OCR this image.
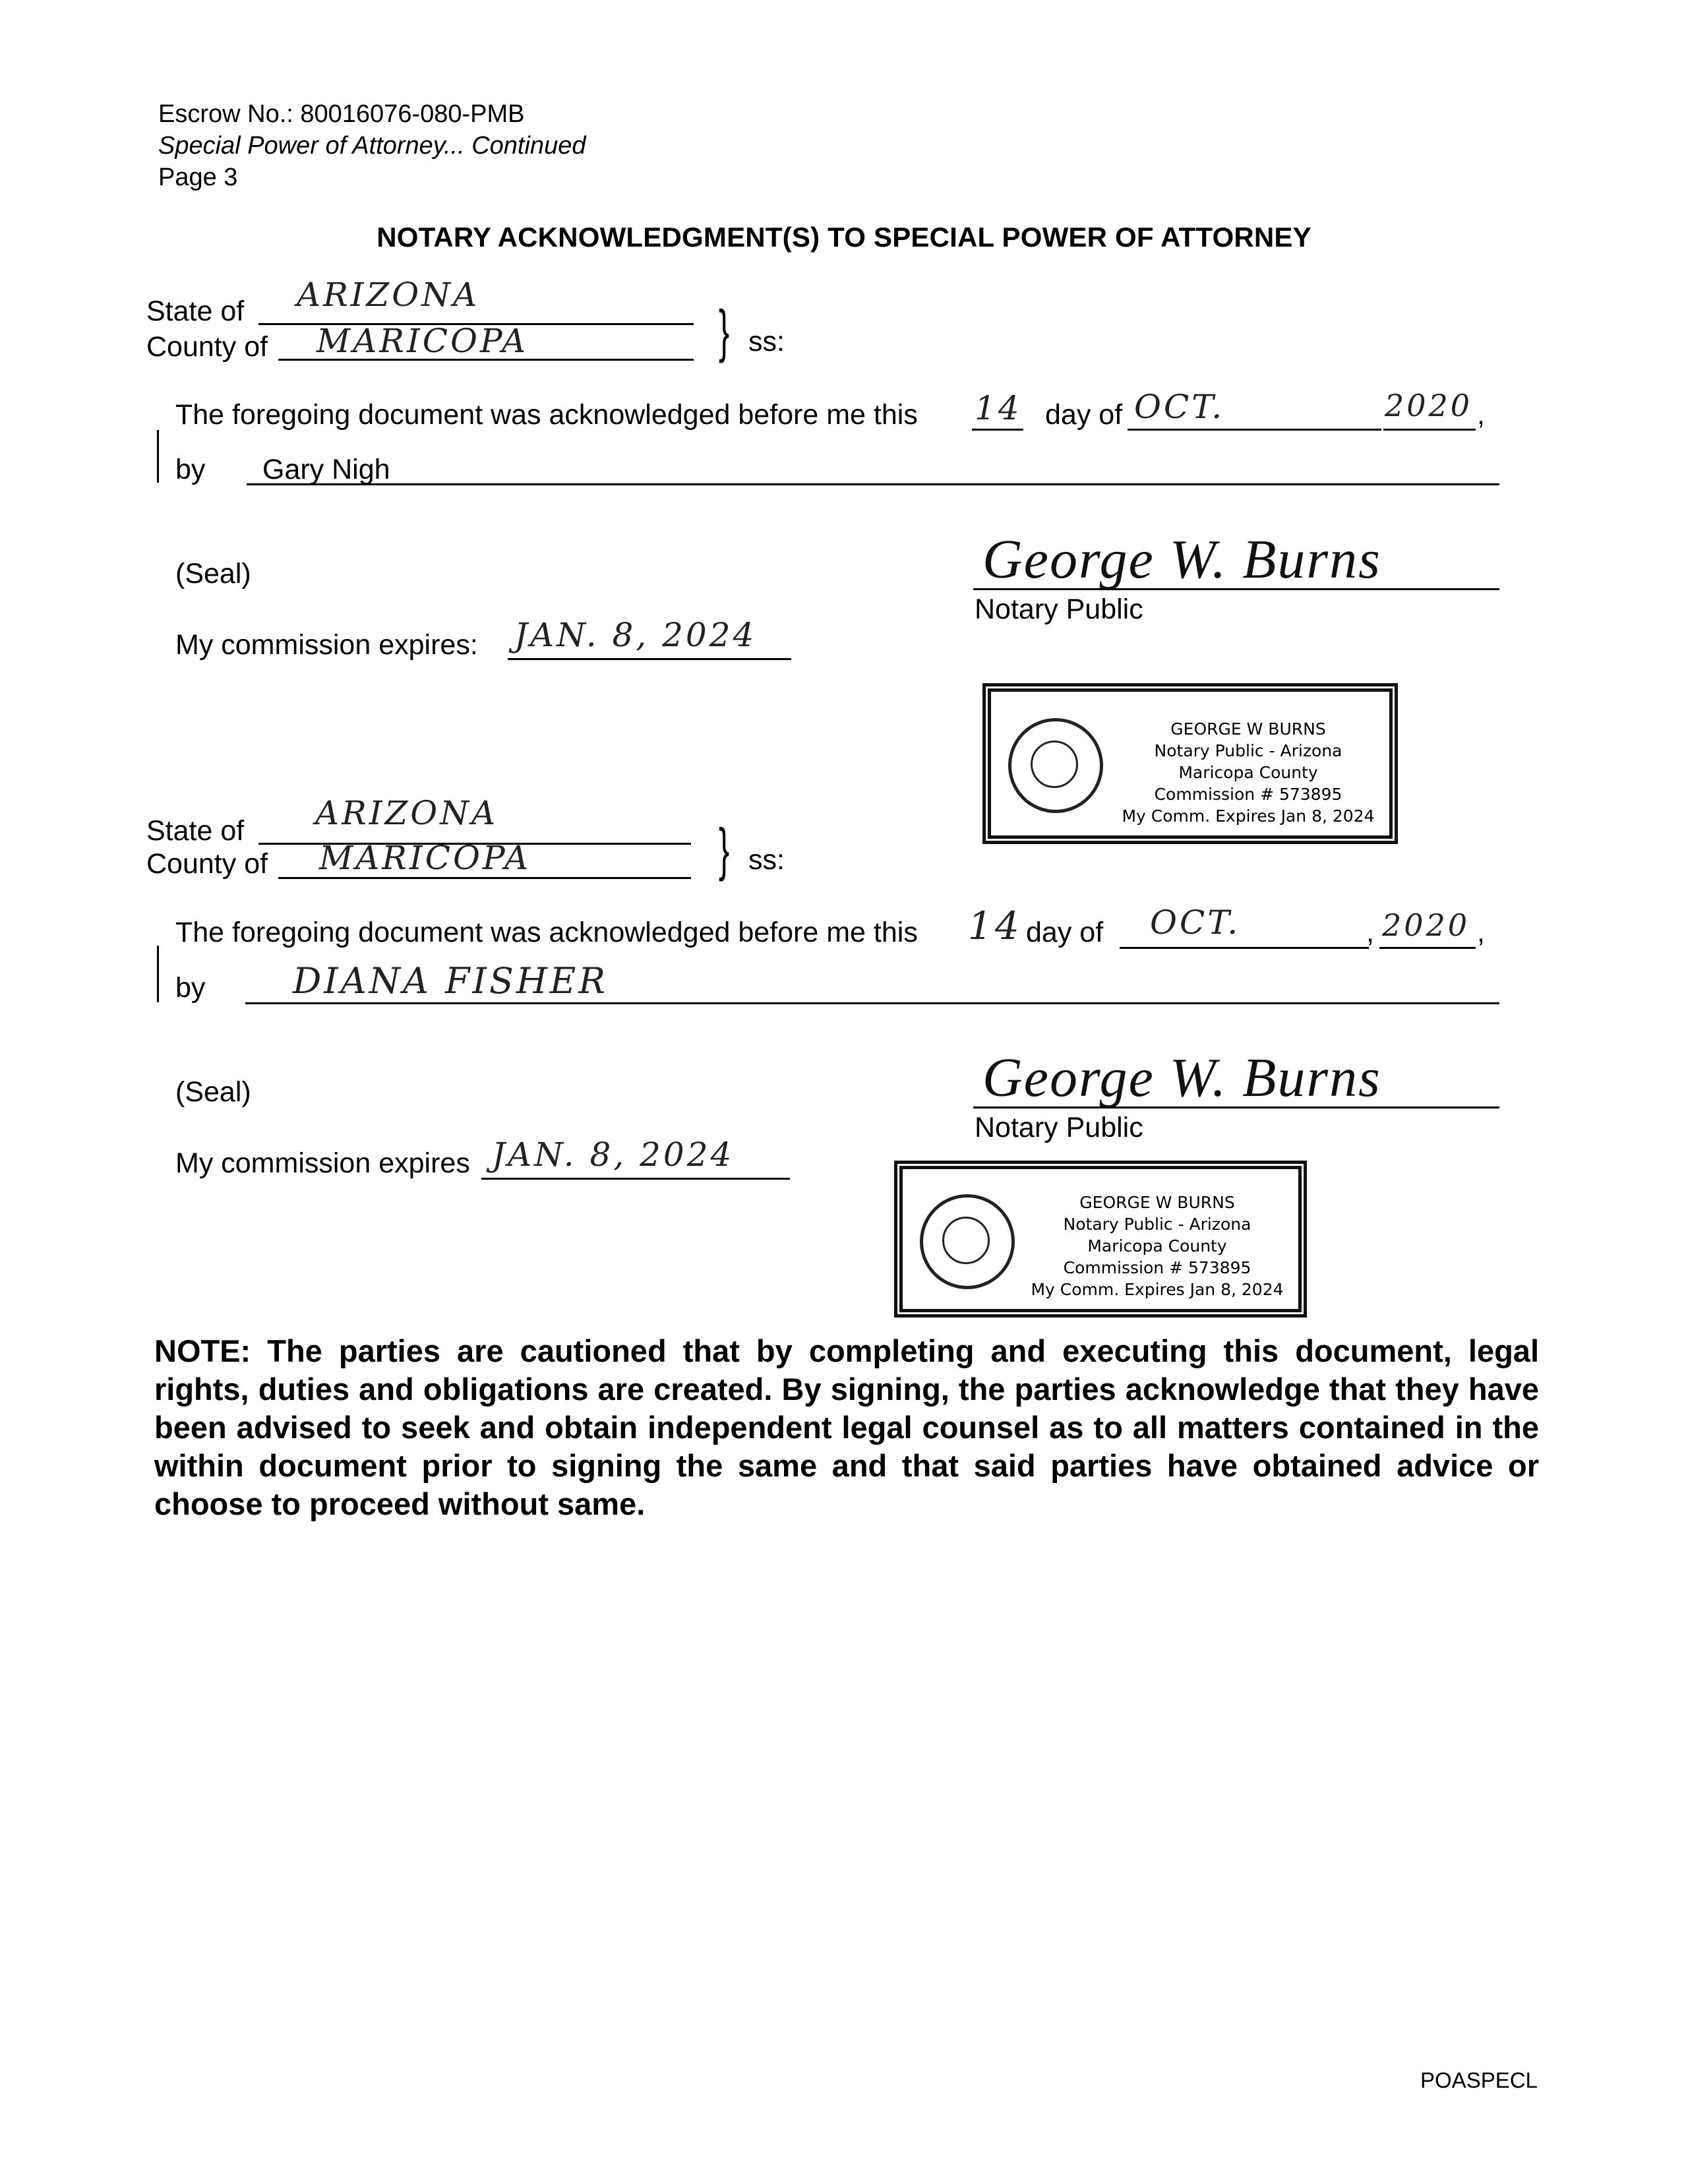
Escrow No.: 80016076-080-PMB
Special Power of Attorney... Continued
Page 3
NOTARY ACKNOWLEDGMENT(S) TO SPECIAL POWER OF ATTORNEY
State of ARIZONA
County of MARICOPA	} ss:
The foregoing document was acknowledged before me this 14 day of OCT.	2020 ,
by Gary Nigh
(Seal)	George W. Burns
Notary Public
My commission expires: JAN. 8, 2024
GEORGE W BURNS
Notary Public - Arizona
Maricopa County
Commission # 573895
My Comm. Expires Jan 8, 2024
State of ARIZONA
County of MARICOPA	} ss:
The foregoing document was acknowledged before me this 14 day of OCT.	, 2020 ,
by DIANA FISHER
(Seal)	George W. Burns
Notary Public
My commission expires JAN. 8, 2024
GEORGE W BURNS
Notary Public - Arizona
Maricopa County
Commission # 573895
My Comm. Expires Jan 8, 2024
NOTE: The parties are cautioned that by completing and executing this document, legal rights, duties and obligations are created. By signing, the parties acknowledge that they have been advised to seek and obtain independent legal counsel as to all matters contained in the within document prior to signing the same and that said parties have obtained advice or choose to proceed without same.
POASPECL
